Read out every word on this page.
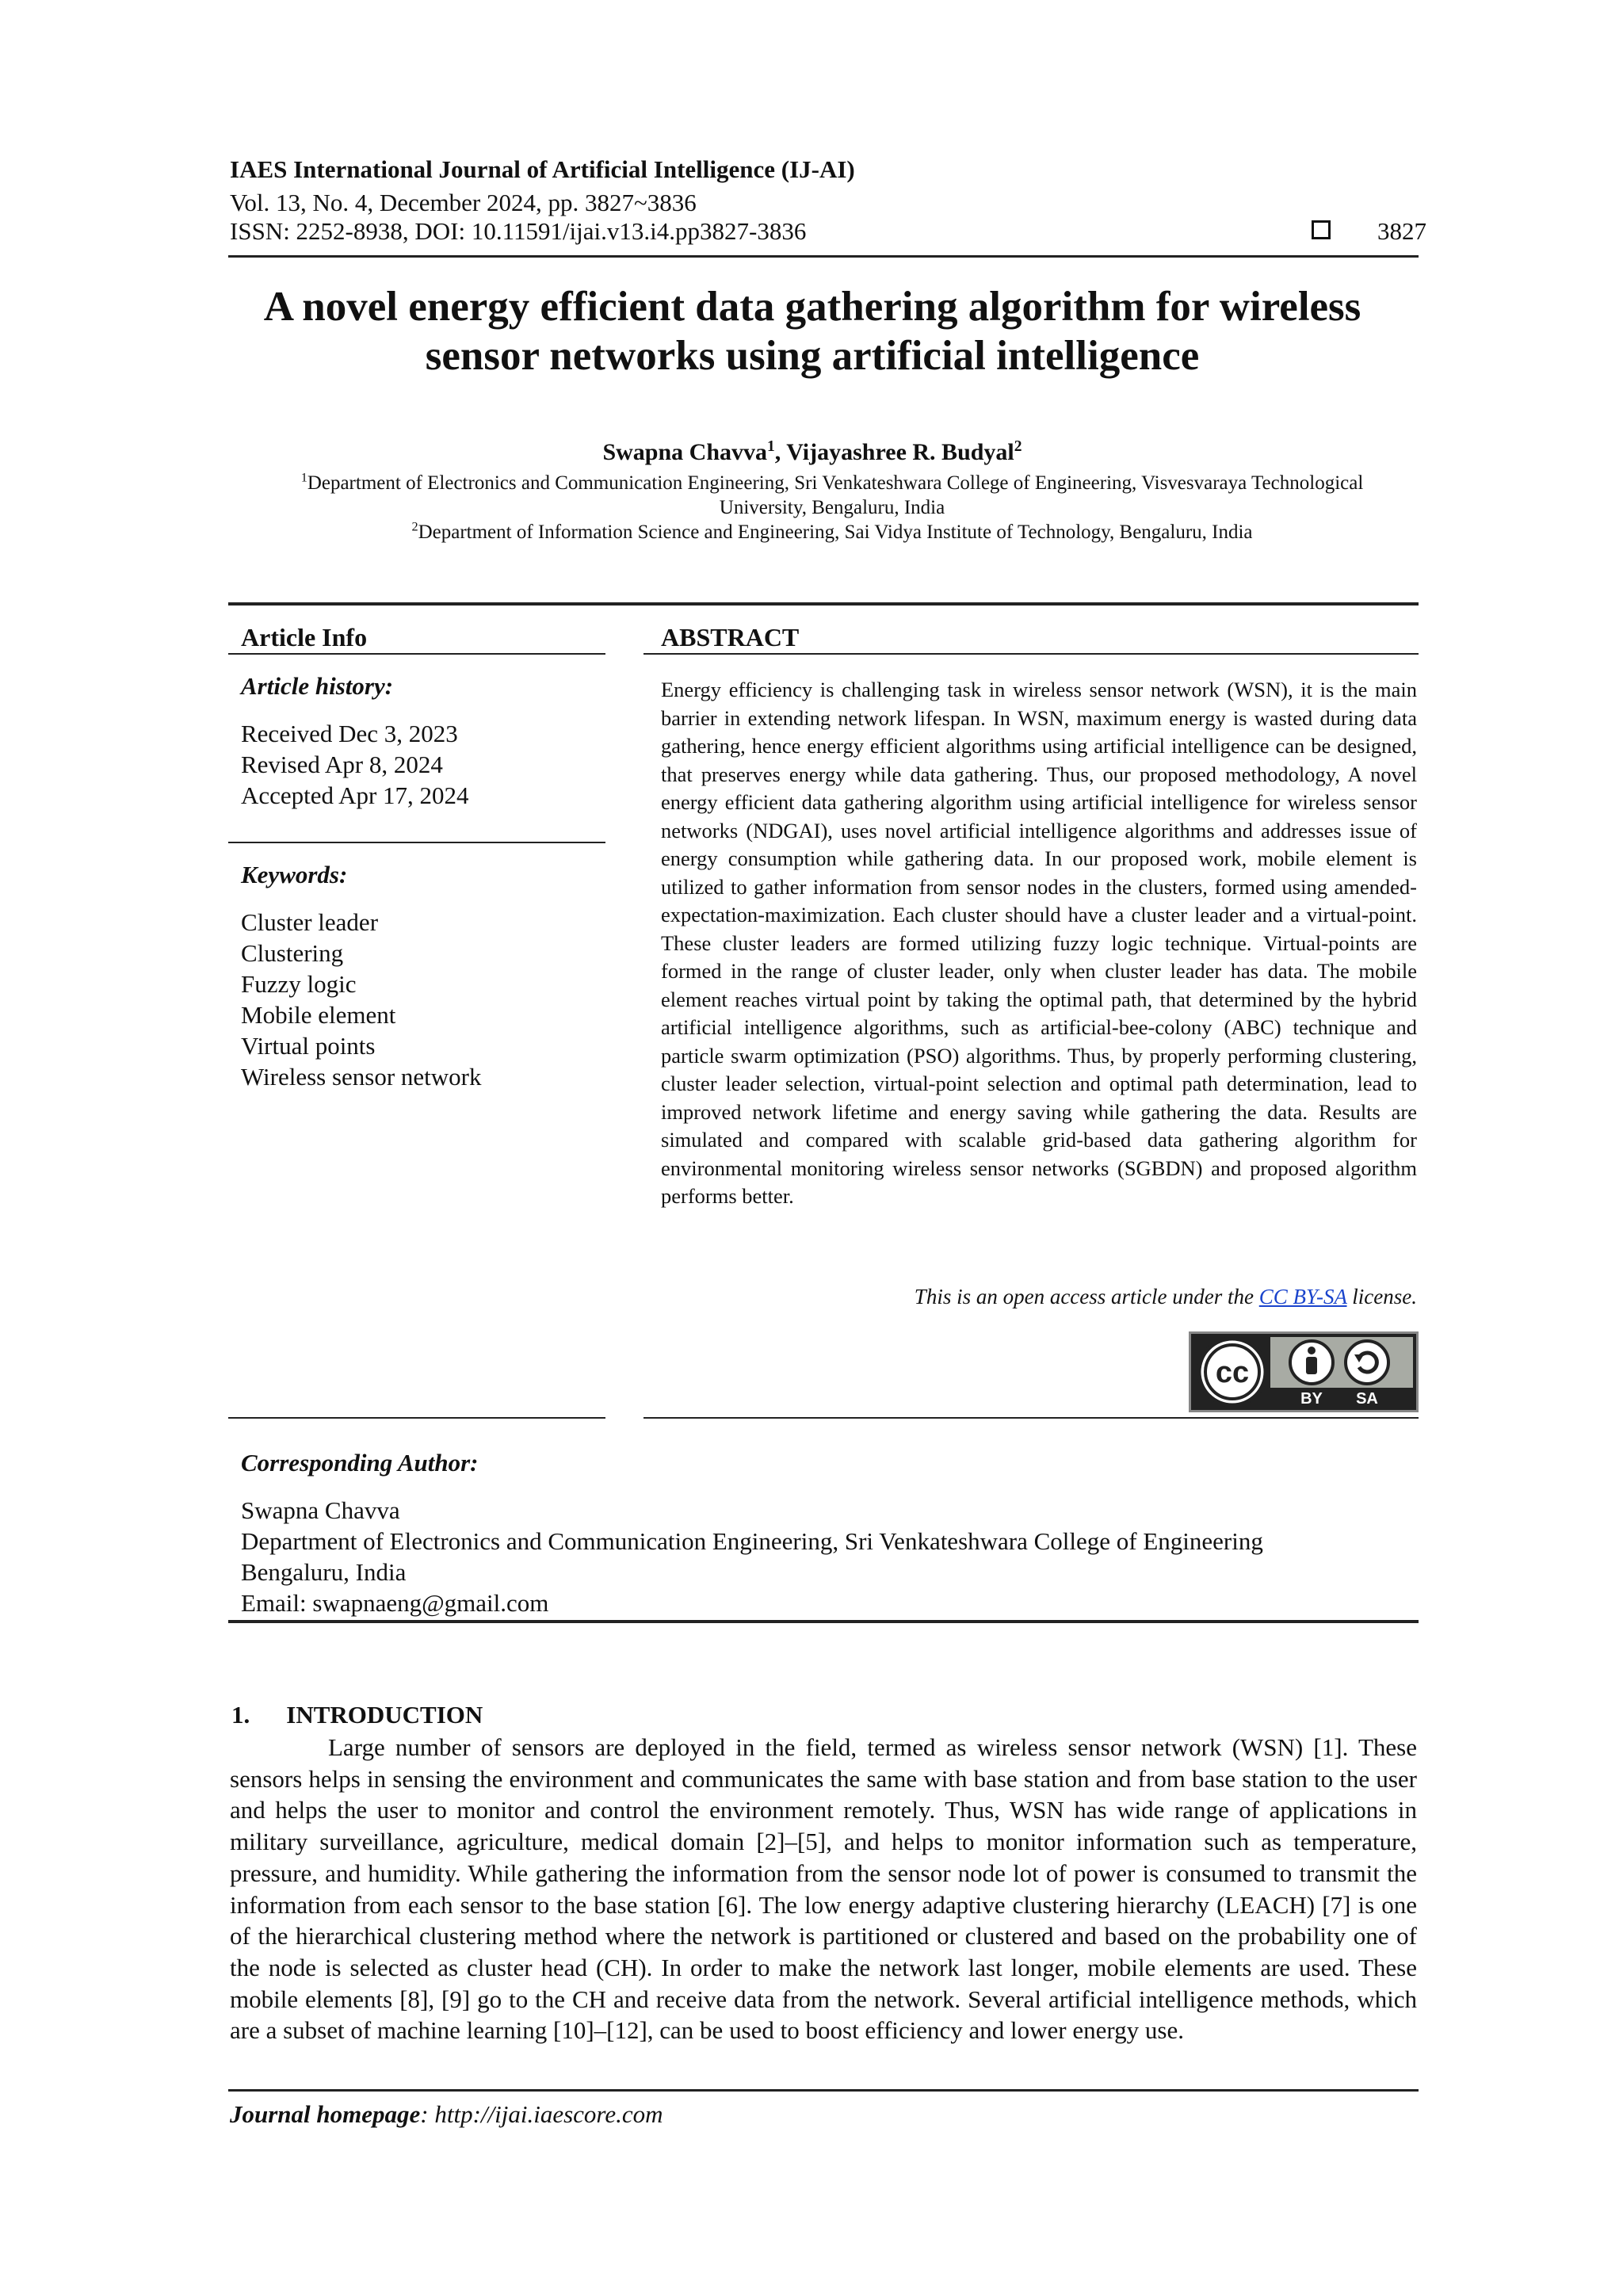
IAES International Journal of Artificial Intelligence (IJ-AI)
Vol. 13, No. 4, December 2024, pp. 3827~3836
ISSN: 2252-8938, DOI: 10.11591/ijai.v13.i4.pp3827-3836	3827
A novel energy efficient data gathering algorithm for wireless
sensor networks using artificial intelligence
Swapna Chavva$^1$, Vijayashree R. Budyal$^2$
$^1$Department of Electronics and Communication Engineering, Sri Venkateshwara College of Engineering, Visvesvaraya Technological
University, Bengaluru, India
$^2$Department of Information Science and Engineering, Sai Vidya Institute of Technology, Bengaluru, India
Article Info
Article history:
Received Dec 3, 2023
Revised Apr 8, 2024
Accepted Apr 17, 2024
Keywords:
Cluster leader
Clustering
Fuzzy logic
Mobile element
Virtual points
Wireless sensor network
ABSTRACT
Energy efficiency is challenging task in wireless sensor network (WSN), it is the main barrier in extending network lifespan. In WSN, maximum energy is wasted during data gathering, hence energy efficient algorithms using artificial intelligence can be designed, that preserves energy while data gathering. Thus, our proposed methodology, A novel energy efficient data gathering algorithm using artificial intelligence for wireless sensor networks (NDGAI), uses novel artificial intelligence algorithms and addresses issue of energy consumption while gathering data. In our proposed work, mobile element is utilized to gather information from sensor nodes in the clusters, formed using amended-expectation-maximization. Each cluster should have a cluster leader and a virtual-point. These cluster leaders are formed utilizing fuzzy logic technique. Virtual-points are formed in the range of cluster leader, only when cluster leader has data. The mobile element reaches virtual point by taking the optimal path, that determined by the hybrid artificial intelligence algorithms, such as artificial-bee-colony (ABC) technique and particle swarm optimization (PSO) algorithms. Thus, by properly performing clustering, cluster leader selection, virtual-point selection and optimal path determination, lead to improved network lifetime and energy saving while gathering the data. Results are simulated and compared with scalable grid-based data gathering algorithm for environmental monitoring wireless sensor networks (SGBDN) and proposed algorithm performs better.
This is an open access article under the CC BY-SA license.
cc
BY SA
Corresponding Author:
Swapna Chavva
Department of Electronics and Communication Engineering, Sri Venkateshwara College of Engineering
Bengaluru, India
Email: swapnaeng@gmail.com
1. INTRODUCTION
Large number of sensors are deployed in the field, termed as wireless sensor network (WSN) [1]. These sensors helps in sensing the environment and communicates the same with base station and from base station to the user and helps the user to monitor and control the environment remotely. Thus, WSN has wide range of applications in military surveillance, agriculture, medical domain [2]–[5], and helps to monitor information such as temperature, pressure, and humidity. While gathering the information from the sensor node lot of power is consumed to transmit the information from each sensor to the base station [6]. The low energy adaptive clustering hierarchy (LEACH) [7] is one of the hierarchical clustering method where the network is partitioned or clustered and based on the probability one of the node is selected as cluster head (CH). In order to make the network last longer, mobile elements are used. These mobile elements [8], [9] go to the CH and receive data from the network. Several artificial intelligence methods, which are a subset of machine learning [10]–[12], can be used to boost efficiency and lower energy use.
Journal homepage: http://ijai.iaescore.com
